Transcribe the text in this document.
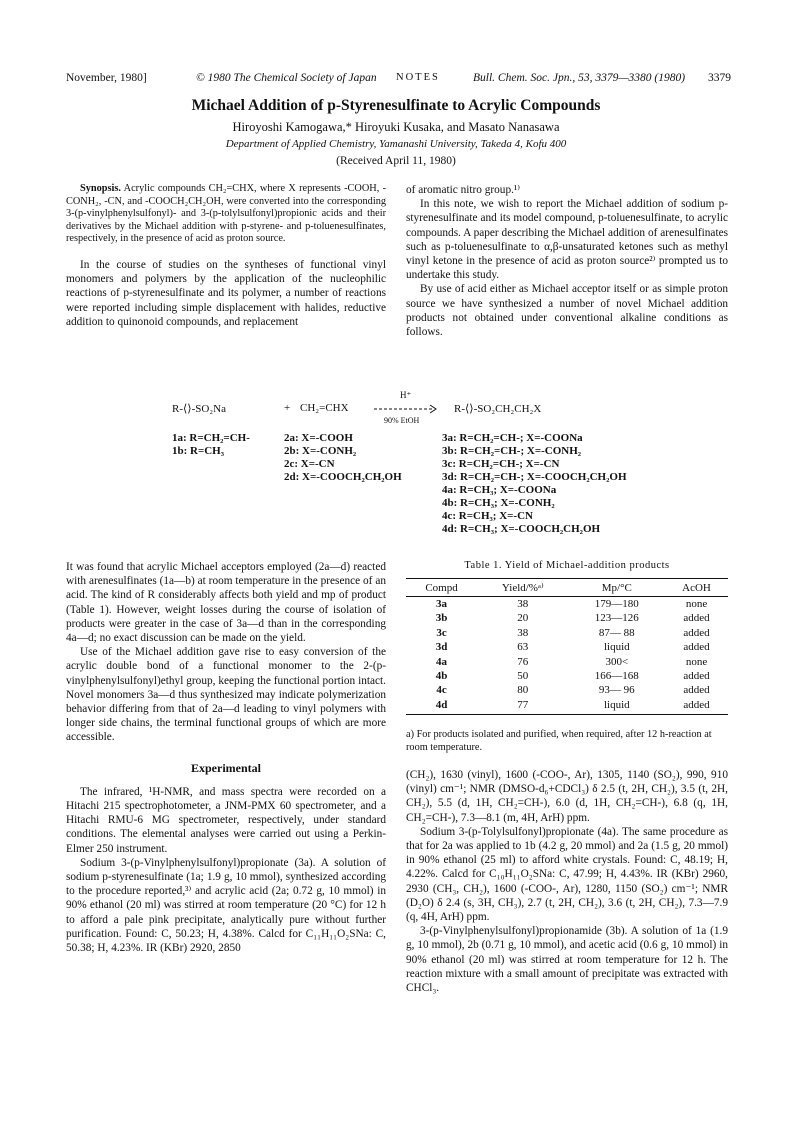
November, 1980]	© 1980 The Chemical Society of Japan NOTES	Bull. Chem. Soc. Jpn., 53, 3379—3380 (1980) 3379
Michael Addition of p-Styrenesulfinate to Acrylic Compounds
Hiroyoshi Kamogawa,* Hiroyuki Kusaka, and Masato Nanasawa
Department of Applied Chemistry, Yamanashi University, Takeda 4, Kofu 400
(Received April 11, 1980)

Synopsis. Acrylic compounds CH₂=CHX, where X represents -COOH, -CONH₂, -CN, and -COOCH₂CH₂OH, were converted into the corresponding 3-(p-vinylphenylsulfonyl)- and 3-(p-tolylsulfonyl)propionic acids and their derivatives by the Michael addition with p-styrene- and p-toluenesulfinates, respectively, in the presence of acid as proton source.

In the course of studies on the syntheses of functional vinyl monomers and polymers by the application of the nucleophilic reactions of p-styrenesulfinate and its polymer, a number of reactions were reported including simple displacement with halides, reductive addition to quinonoid compounds, and replacement

of aromatic nitro group.¹⁾

In this note, we wish to report the Michael addition of sodium p-styrenesulfinate and its model compound, p-toluenesulfinate, to acrylic compounds. A paper describing the Michael addition of arenesulfinates such as p-toluenesulfinate to α,β-unsaturated ketones such as methyl vinyl ketone in the presence of acid as proton source²⁾ prompted us to undertake this study.

By use of acid either as Michael acceptor itself or as simple proton source we have synthesized a number of novel Michael addition products not obtained under conventional alkaline conditions as follows.

R-⟨⟩-SO₂Na	+ CH₂=CHX
H⁺
90% EtOH
R-⟨⟩-SO₂CH₂CH₂X
1a: R=CH₂=CH-
1b: R=CH₃
2a: X=-COOH
2b: X=-CONH₂
2c: X=-CN
2d: X=-COOCH₂CH₂OH
3a: R=CH₂=CH-; X=-COONa
3b: R=CH₂=CH-; X=-CONH₂
3c: R=CH₂=CH-; X=-CN
3d: R=CH₂=CH-; X=-COOCH₂CH₂OH
4a: R=CH₃; X=-COONa
4b: R=CH₃; X=-CONH₂
4c: R=CH₃; X=-CN
4d: R=CH₃; X=-COOCH₂CH₂OH

It was found that acrylic Michael acceptors employed (2a—d) reacted with arenesulfinates (1a—b) at room temperature in the presence of an acid. The kind of R considerably affects both yield and mp of product (Table 1). However, weight losses during the course of isolation of products were greater in the case of 3a—d than in the corresponding 4a—d; no exact discussion can be made on the yield.

Use of the Michael addition gave rise to easy conversion of the acrylic double bond of a functional monomer to the 2-(p-vinylphenylsulfonyl)ethyl group, keeping the functional portion intact. Novel monomers 3a—d thus synthesized may indicate polymerization behavior differing from that of 2a—d leading to vinyl polymers with longer side chains, the terminal functional groups of which are more accessible.

Experimental

The infrared, ¹H-NMR, and mass spectra were recorded on a Hitachi 215 spectrophotometer, a JNM-PMX 60 spectrometer, and a Hitachi RMU-6 MG spectrometer, respectively, under standard conditions. The elemental analyses were carried out using a Perkin-Elmer 250 instrument.

Sodium 3-(p-Vinylphenylsulfonyl)propionate (3a). A solution of sodium p-styrenesulfinate (1a; 1.9 g, 10 mmol), synthesized according to the procedure reported,³⁾ and acrylic acid (2a; 0.72 g, 10 mmol) in 90% ethanol (20 ml) was stirred at room temperature (20 °C) for 12 h to afford a pale pink precipitate, analytically pure without further purification. Found: C, 50.23; H, 4.38%. Calcd for C₁₁H₁₁O₂SNa: C, 50.38; H, 4.23%. IR (KBr) 2920, 2850

Table 1. Yield of Michael-addition products
Compd	Yield/%ᵃ⁾	Mp/°C	AcOH
3a	38	179—180	none
3b	20	123—126	added
3c	38	87— 88	added
3d	63	liquid	added
4a	76	300<	none
4b	50	166—168	added
4c	80	93— 96	added
4d	77	liquid	added
a) For products isolated and purified, when required, after 12 h-reaction at room temperature.

(CH₂), 1630 (vinyl), 1600 (-COO-, Ar), 1305, 1140 (SO₂), 990, 910 (vinyl) cm⁻¹; NMR (DMSO-d₆+CDCl₃) δ 2.5 (t, 2H, CH₂), 3.5 (t, 2H, CH₂), 5.5 (d, 1H, CH₂=CH-), 6.0 (d, 1H, CH₂=CH-), 6.8 (q, 1H, CH₂=CH-), 7.3—8.1 (m, 4H, ArH) ppm.

Sodium 3-(p-Tolylsulfonyl)propionate (4a). The same procedure as that for 2a was applied to 1b (4.2 g, 20 mmol) and 2a (1.5 g, 20 mmol) in 90% ethanol (25 ml) to afford white crystals. Found: C, 48.19; H, 4.22%. Calcd for C₁₀H₁₁O₂SNa: C, 47.99; H, 4.43%. IR (KBr) 2960, 2930 (CH₃, CH₂), 1600 (-COO-, Ar), 1280, 1150 (SO₂) cm⁻¹; NMR (D₂O) δ 2.4 (s, 3H, CH₃), 2.7 (t, 2H, CH₂), 3.6 (t, 2H, CH₂), 7.3—7.9 (q, 4H, ArH) ppm.

3-(p-Vinylphenylsulfonyl)propionamide (3b). A solution of 1a (1.9 g, 10 mmol), 2b (0.71 g, 10 mmol), and acetic acid (0.6 g, 10 mmol) in 90% ethanol (20 ml) was stirred at room temperature for 12 h. The reaction mixture with a small amount of precipitate was extracted with CHCl₃.
